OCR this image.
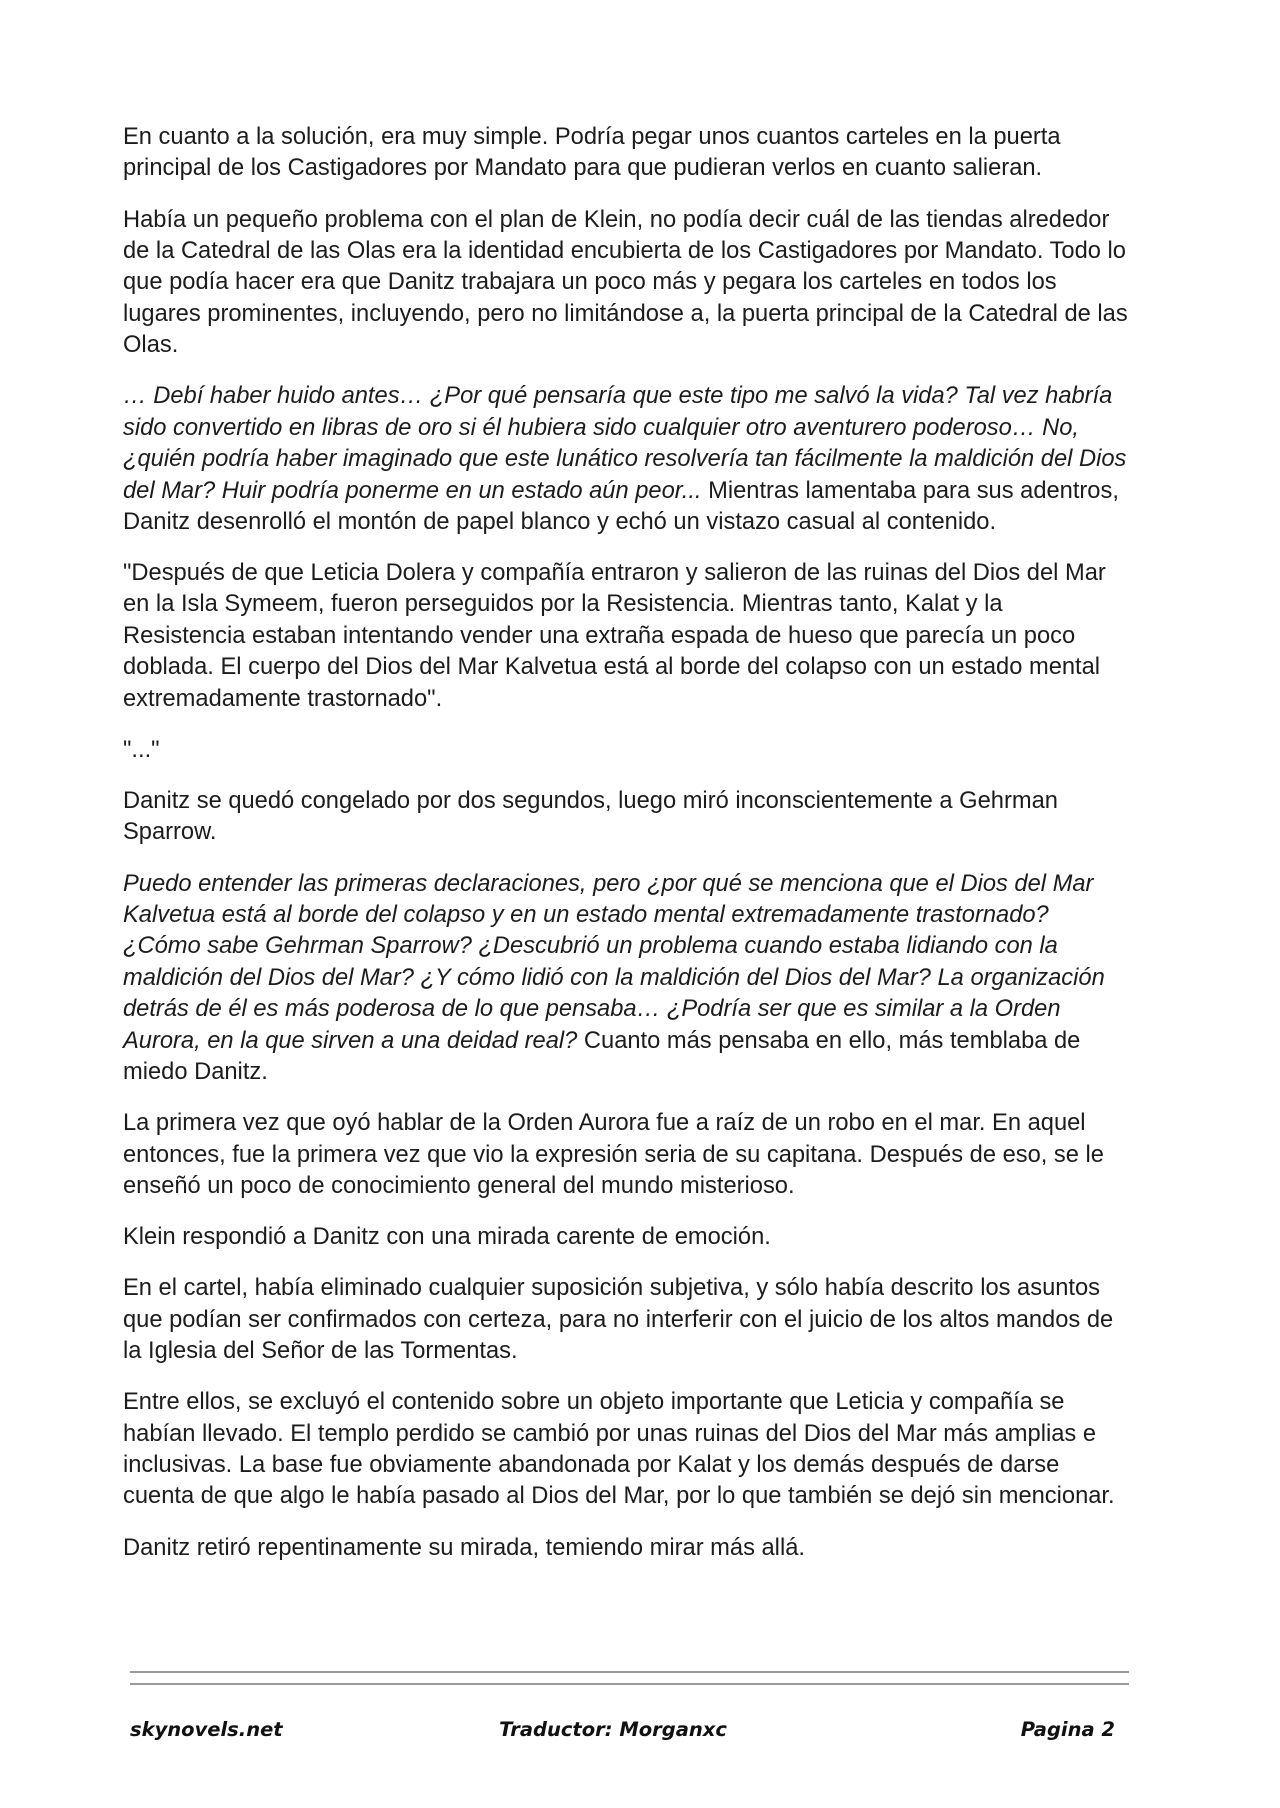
En cuanto a la solución, era muy simple. Podría pegar unos cuantos carteles en la puerta
principal de los Castigadores por Mandato para que pudieran verlos en cuanto salieran.
Había un pequeño problema con el plan de Klein, no podía decir cuál de las tiendas alrededor
de la Catedral de las Olas era la identidad encubierta de los Castigadores por Mandato. Todo lo
que podía hacer era que Danitz trabajara un poco más y pegara los carteles en todos los
lugares prominentes, incluyendo, pero no limitándose a, la puerta principal de la Catedral de las
Olas.
… Debí haber huido antes… ¿Por qué pensaría que este tipo me salvó la vida? Tal vez habría
sido convertido en libras de oro si él hubiera sido cualquier otro aventurero poderoso… No,
¿quién podría haber imaginado que este lunático resolvería tan fácilmente la maldición del Dios
del Mar? Huir podría ponerme en un estado aún peor... Mientras lamentaba para sus adentros,
Danitz desenrolló el montón de papel blanco y echó un vistazo casual al contenido.
"Después de que Leticia Dolera y compañía entraron y salieron de las ruinas del Dios del Mar
en la Isla Symeem, fueron perseguidos por la Resistencia. Mientras tanto, Kalat y la
Resistencia estaban intentando vender una extraña espada de hueso que parecía un poco
doblada. El cuerpo del Dios del Mar Kalvetua está al borde del colapso con un estado mental
extremadamente trastornado".
"..."
Danitz se quedó congelado por dos segundos, luego miró inconscientemente a Gehrman
Sparrow.
Puedo entender las primeras declaraciones, pero ¿por qué se menciona que el Dios del Mar
Kalvetua está al borde del colapso y en un estado mental extremadamente trastornado?
¿Cómo sabe Gehrman Sparrow? ¿Descubrió un problema cuando estaba lidiando con la
maldición del Dios del Mar? ¿Y cómo lidió con la maldición del Dios del Mar? La organización
detrás de él es más poderosa de lo que pensaba… ¿Podría ser que es similar a la Orden
Aurora, en la que sirven a una deidad real? Cuanto más pensaba en ello, más temblaba de
miedo Danitz.
La primera vez que oyó hablar de la Orden Aurora fue a raíz de un robo en el mar. En aquel
entonces, fue la primera vez que vio la expresión seria de su capitana. Después de eso, se le
enseñó un poco de conocimiento general del mundo misterioso.
Klein respondió a Danitz con una mirada carente de emoción.
En el cartel, había eliminado cualquier suposición subjetiva, y sólo había descrito los asuntos
que podían ser confirmados con certeza, para no interferir con el juicio de los altos mandos de
la Iglesia del Señor de las Tormentas.
Entre ellos, se excluyó el contenido sobre un objeto importante que Leticia y compañía se
habían llevado. El templo perdido se cambió por unas ruinas del Dios del Mar más amplias e
inclusivas. La base fue obviamente abandonada por Kalat y los demás después de darse
cuenta de que algo le había pasado al Dios del Mar, por lo que también se dejó sin mencionar.
Danitz retiró repentinamente su mirada, temiendo mirar más allá.
skynovels.net	Traductor: Morganxc	Pagina 2
